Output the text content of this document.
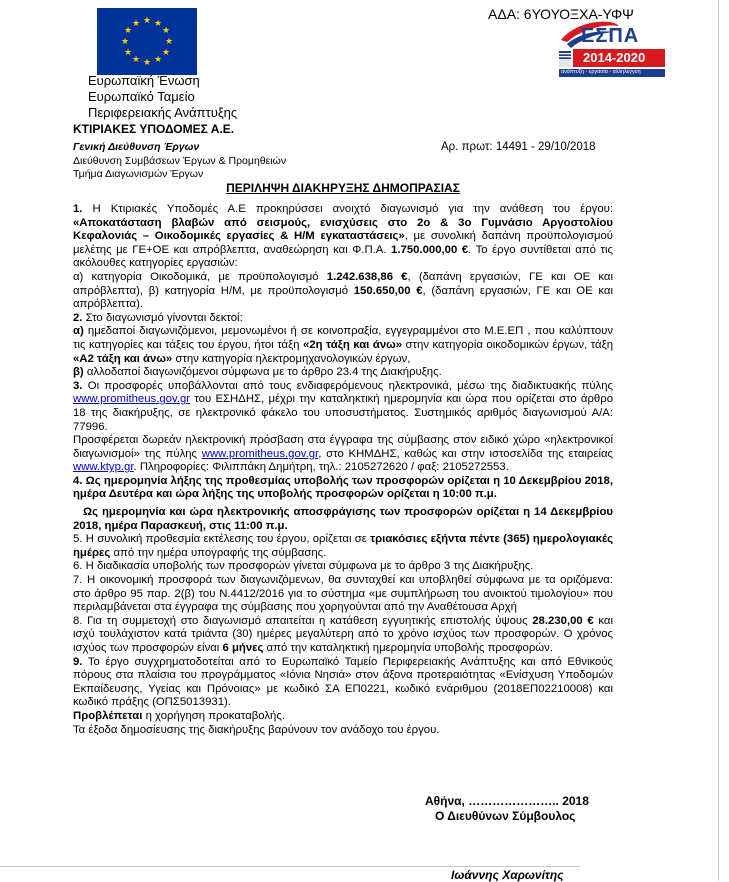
ΑΔΑ: 6ΥΟΥΟΞΧΑ-ΥΦΨ
★ ★
★
★
★
★
★
★
★
★
★
★
ΕΣΠΑ
2014-2020
ανάπτυξη - εργασία - αλληλεγγύη
Ευρωπαϊκή Ένωση
Ευρωπαϊκό Ταμείο
Περιφερειακής Ανάπτυξης
ΚΤΙΡΙΑΚΕΣ ΥΠΟΔΟΜΕΣ Α.Ε.
Γενική Διεύθυνση Έργων
Διεύθυνση Συμβάσεων Έργων & Προμηθειών
Τμήμα Διαγωνισμών Έργων
Αρ. πρωτ: 14491 - 29/10/2018
ΠΕΡΙΛΗΨΗ ΔΙΑΚΗΡΥΞΗΣ ΔΗΜΟΠΡΑΣΙΑΣ

1. Η Κτιριακές Υποδομές Α.Ε προκηρύσσει ανοιχτό διαγωνισμό για την ανάθεση του έργου: «Αποκατάσταση βλαβών από σεισμούς, ενισχύσεις στο 2ο & 3ο Γυμνάσιο Αργοστολίου Κεφαλονιάς – Οικοδομικές εργασίες & Η/Μ εγκαταστάσεις», με συνολική δαπάνη προϋπολογισμού μελέτης με ΓΕ+ΟΕ και απρόβλεπτα, αναθεώρηση και Φ.Π.Α. 1.750.000,00 €. Το έργο συντίθεται από τις ακόλουθες κατηγορίες εργασιών:

α) κατηγορία Οικοδομικά, με προϋπολογισμό 1.242.638,86 €, (δαπάνη εργασιών, ΓΕ και ΟΕ και απρόβλεπτα), β) κατηγορία Η/Μ, με προϋπολογισμό 150.650,00 €, (δαπάνη εργασιών, ΓΕ και ΟΕ και απρόβλεπτα).

2. Στο διαγωνισμό γίνονται δεκτοί:

α) ημεδαποί διαγωνιζόμενοι, μεμονωμένοι ή σε κοινοπραξία, εγγεγραμμένοι στο Μ.Ε.ΕΠ , που καλύπτουν τις κατηγορίες και τάξεις του έργου, ήτοι τάξη «2η τάξη και άνω» στην κατηγορία οικοδομικών έργων, τάξη «Α2 τάξη και άνω» στην κατηγορία ηλεκτρομηχανολογικών έργων,

β) αλλοδαποί διαγωνιζόμενοι σύμφωνα με το άρθρο 23.4 της Διακήρυξης.

3. Οι προσφορές υποβάλλονται από τους ενδιαφερόμενους ηλεκτρονικά, μέσω της διαδικτυακής πύλης www.promitheus.gov.gr του ΕΣΗΔΗΣ, μέχρι την καταληκτική ημερομηνία και ώρα που ορίζεται στο άρθρο 18 της διακήρυξης, σε ηλεκτρονικό φάκελο του υποσυστήματος. Συστημικός αριθμός διαγωνισμού Α/Α: 77996.

Προσφέρεται δωρεάν ηλεκτρονική πρόσβαση στα έγγραφα της σύμβασης στον ειδικό χώρο «ηλεκτρονικοί διαγωνισμοί» της πύλης www.promitheus.gov.gr, στο ΚΗΜΔΗΣ, καθώς και στην ιστοσελίδα της εταιρείας www.ktyp.gr. Πληροφορίες: Φιλιππάκη Δημήτρη, τηλ.: 2105272620 / φαξ: 2105272553.

4. Ως ημερομηνία λήξης της προθεσμίας υποβολής των προσφορών ορίζεται η 10 Δεκεμβρίου 2018, ημέρα Δευτέρα και ώρα λήξης της υποβολής προσφορών ορίζεται η 10:00 π.μ.

Ως ημερομηνία και ώρα ηλεκτρονικής αποσφράγισης των προσφορών ορίζεται η 14 Δεκεμβρίου 2018, ημέρα Παρασκευή, στις 11:00 π.μ.

5. Η συνολική προθεσμία εκτέλεσης του έργου, ορίζεται σε τριακόσιες εξήντα πέντε (365) ημερολογιακές ημέρες από την ημέρα υπογραφής της σύμβασης.

6. Η διαδικασία υποβολής των προσφορών γίνεται σύμφωνα με το άρθρο 3 της Διακήρυξης.

7. Η οικονομική προσφορά των διαγωνιζόμενων, θα συνταχθεί και υποβληθεί σύμφωνα με τα οριζόμενα: στο άρθρο 95 παρ. 2(β) του Ν.4412/2016 για το σύστημα «με συμπλήρωση του ανοικτού τιμολογίου» που περιλαμβάνεται στα έγγραφα της σύμβασης που χορηγούνται από την Αναθέτουσα Αρχή

8. Για τη συμμετοχή στο διαγωνισμό απαιτείται η κατάθεση εγγυητικής επιστολής ύψους 28.230,00 € και ισχύ τουλάχιστον κατά τριάντα (30) ημέρες μεγαλύτερη από το χρόνο ισχύος των προσφορών. Ο χρόνος ισχύος των προσφορών είναι 6 μήνες από την καταληκτική ημερομηνία υποβολής προσφορών.

9. Το έργο συγχρηματοδοτείται από το Ευρωπαϊκό Ταμείο Περιφερειακής Ανάπτυξης και από Εθνικούς πόρους στα πλαίσια του προγράμματος «Ιόνια Νησιά» στον άξονα προτεραιότητας «Ενίσχυση Υποδομών Εκπαίδευσης, Υγείας και Πρόνοιας» με κωδικό ΣΑ ΕΠ0221, κωδικό ενάριθμου (2018ΕΠ02210008) και κωδικό πράξης (ΟΠΣ5013931).

Προβλέπεται η χορήγηση προκαταβολής.

Τα έξοδα δημοσίευσης της διακήρυξης βαρύνουν τον ανάδοχο του έργου.

Αθήνα, ………………….. 2018
Ο Διευθύνων Σύμβουλος
Ιωάννης Χαρωνίτης
